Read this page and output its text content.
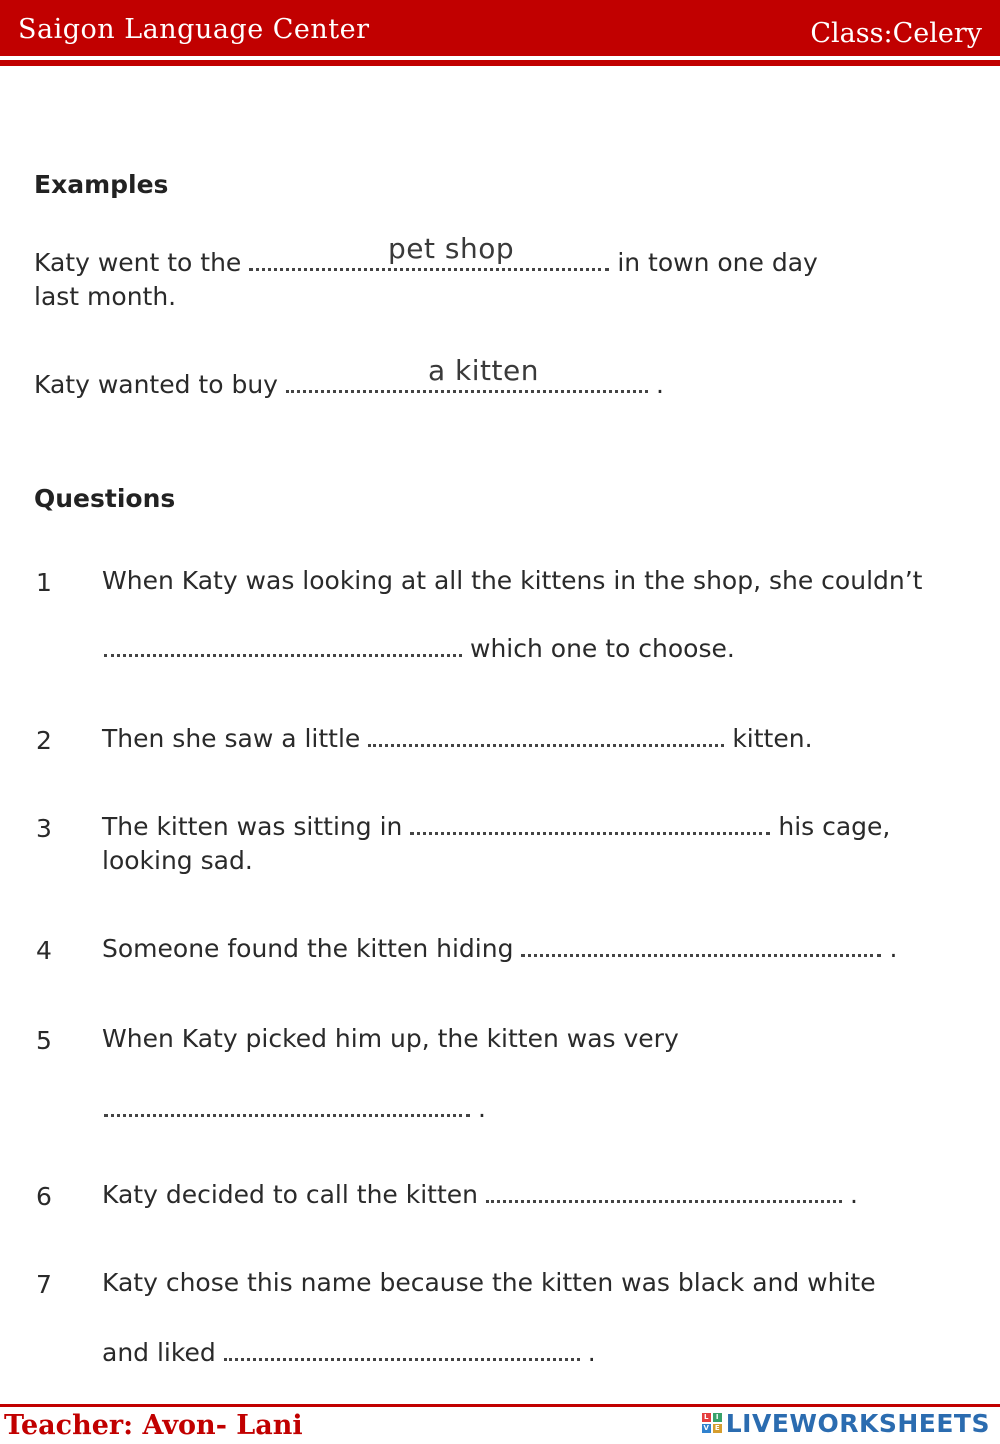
Saigon Language Center	Class:Celery
Examples
Katy went to the	in town one day
pet shop
last month.
Katy wanted to buy	.
a kitten
Questions
1 When Katy was looking at all the kittens in the shop, she couldn’t
which one to choose.
2 Then she saw a little	kitten.
3 The kitten was sitting in	his cage,
looking sad.
4 Someone found the kitten hiding	.
5 When Katy picked him up, the kitten was very
.
6 Katy decided to call the kitten	.
7 Katy chose this name because the kitten was black and white
and liked	.
Teacher: Avon- Lani	L	I
V E LIVEWORKSHEETS
